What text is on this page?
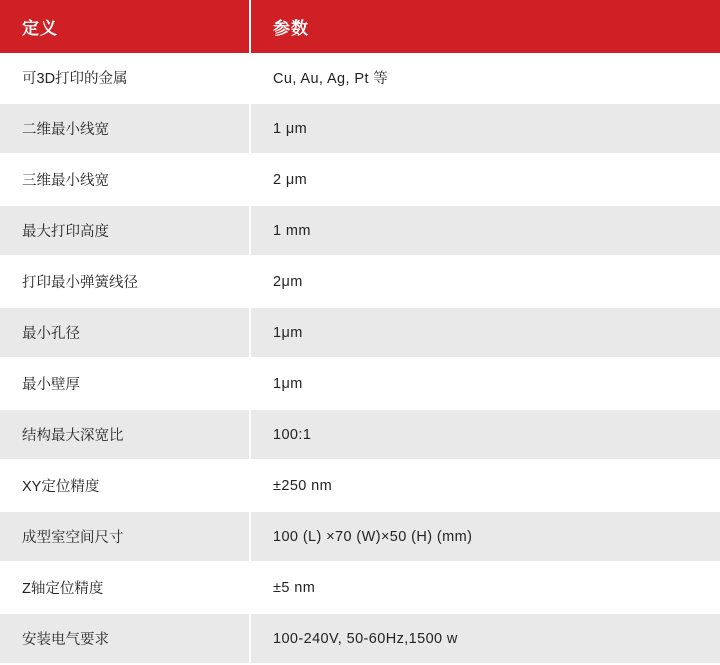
定义	参数
可3D打印的金属	Cu, Au, Ag, Pt 等
二维最小线宽	1 μm
三维最小线宽	2 μm
最大打印高度	1 mm
打印最小弹簧线径	2μm
最小孔径	1μm
最小壁厚	1μm
结构最大深宽比	100:1
XY定位精度	±250 nm
成型室空间尺寸	100 (L) ×70 (W)×50 (H) (mm)
Z轴定位精度	±5 nm
安装电气要求	100-240V, 50-60Hz,1500 w
